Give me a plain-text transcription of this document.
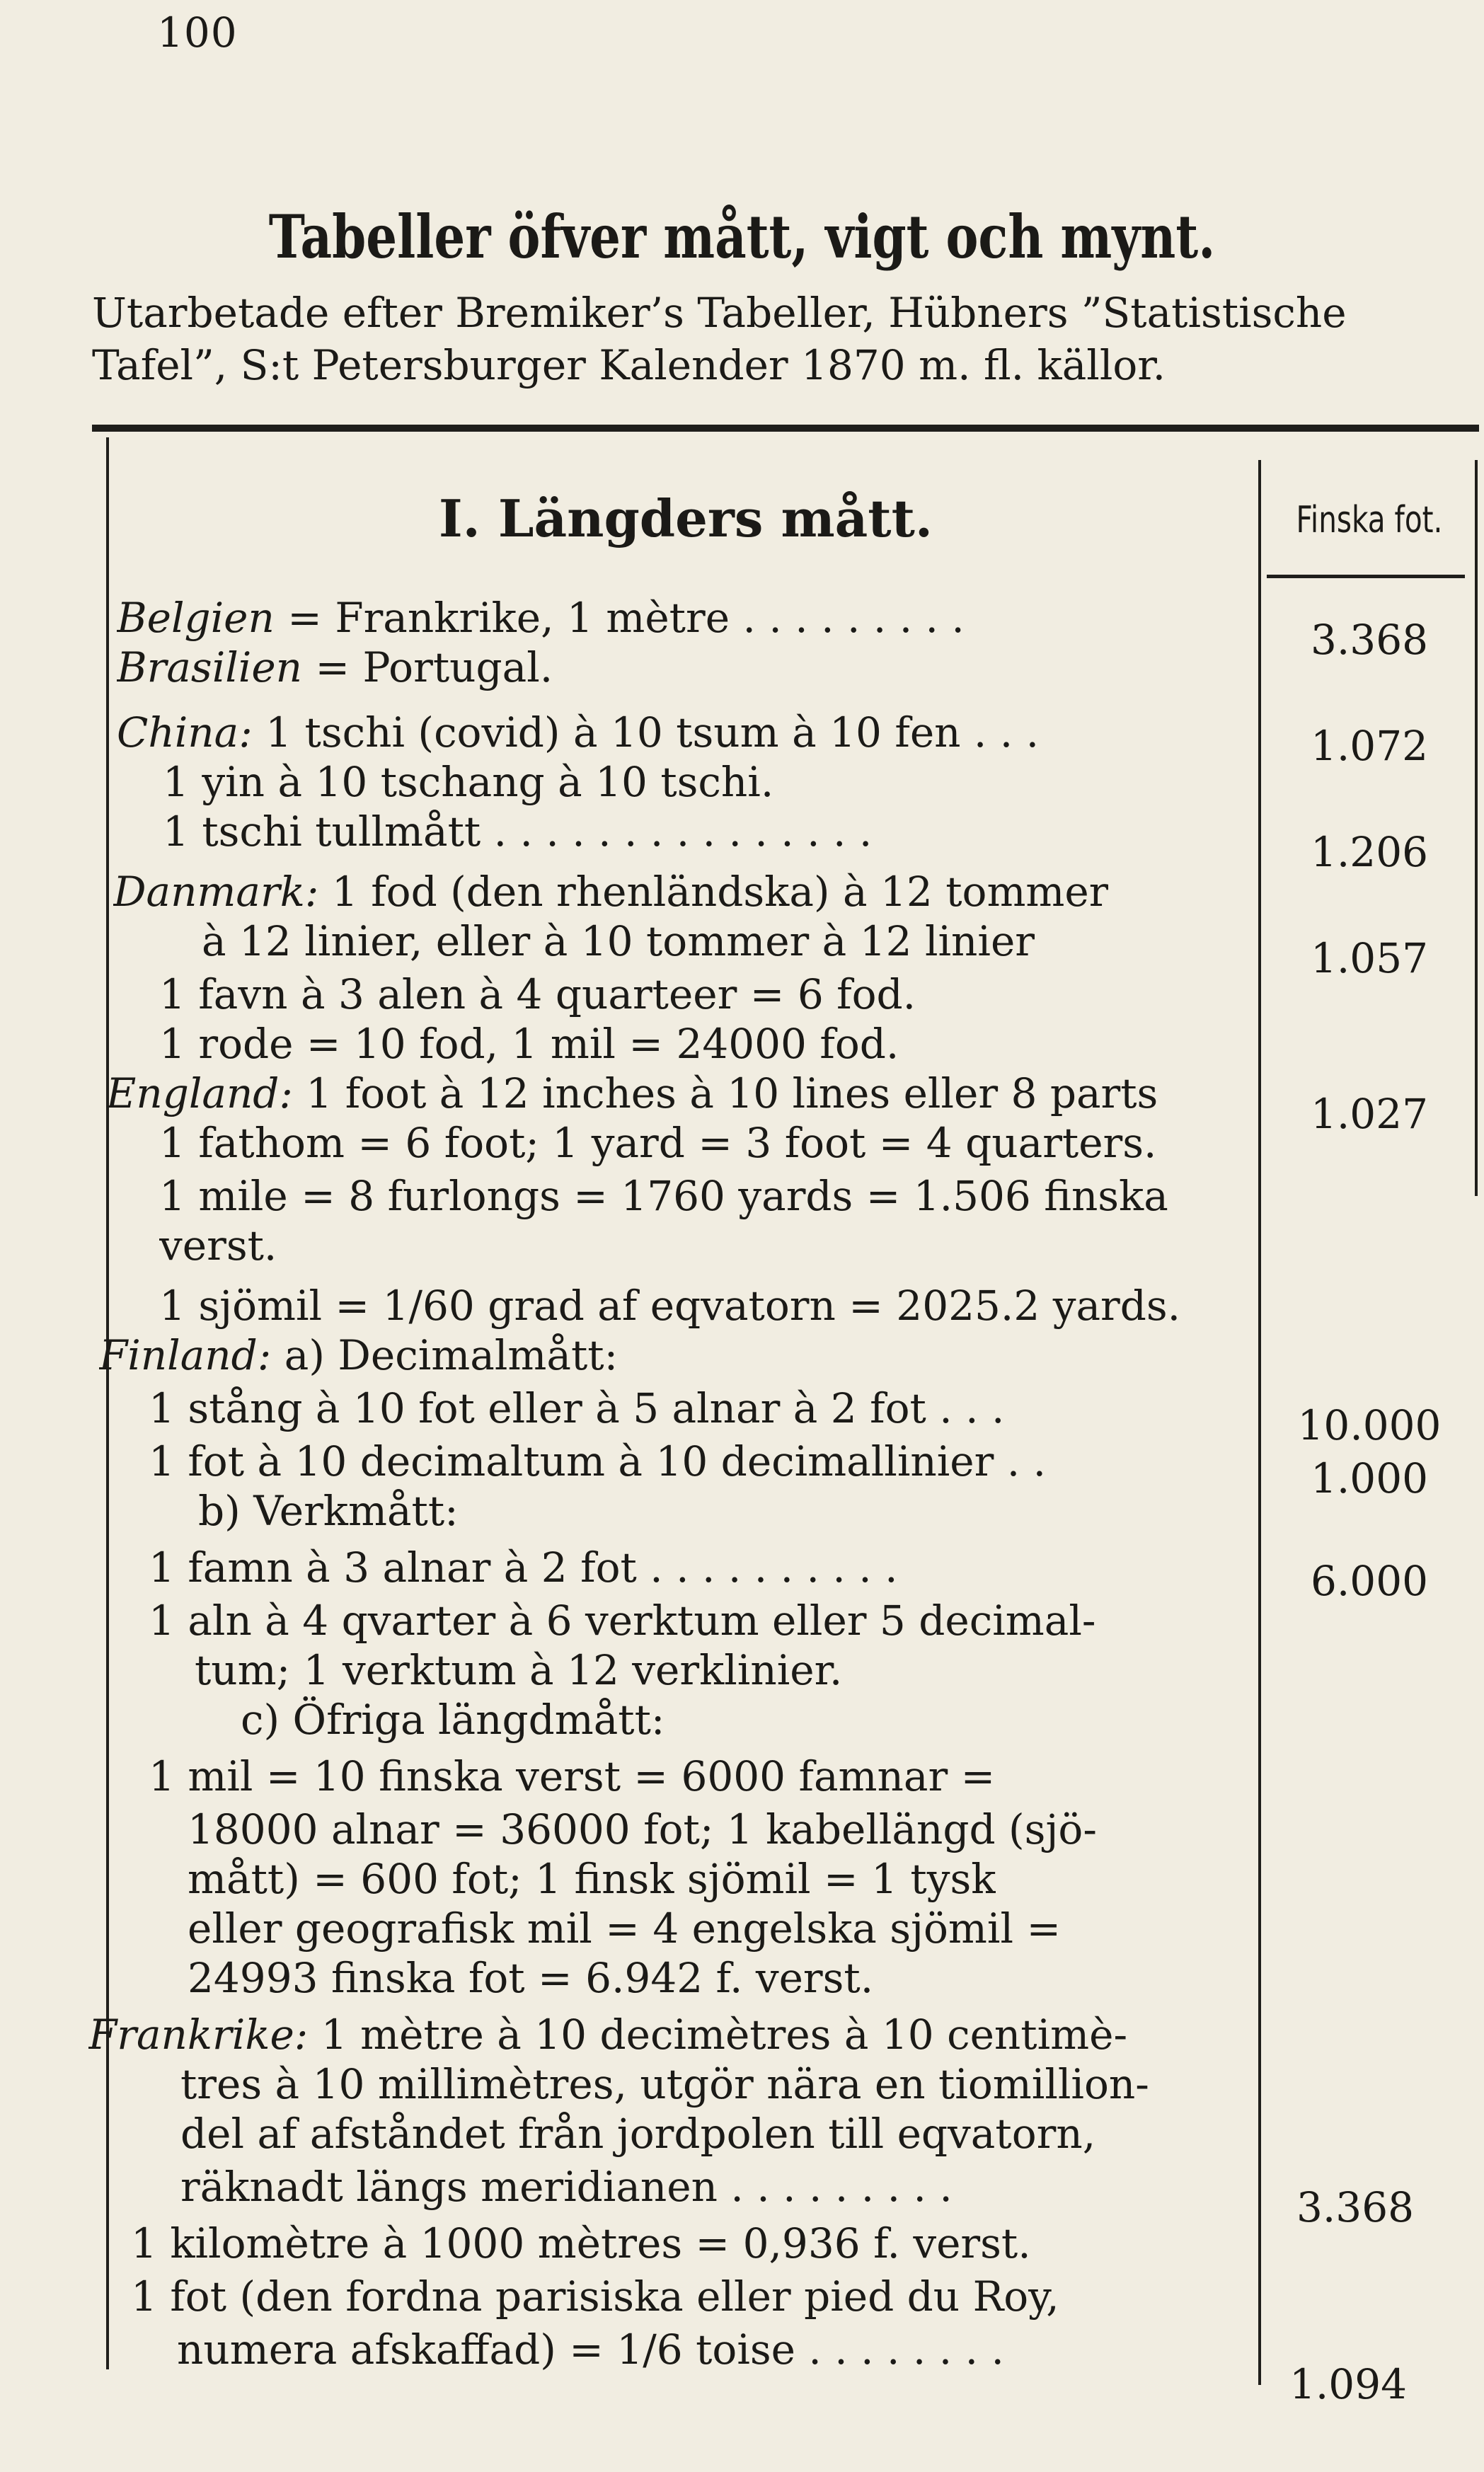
100
Tabeller öfver mått, vigt och mynt.
Utarbetade efter Bremiker’s Tabeller, Hübners ”Statistische
Tafel”, S:t Petersburger Kalender 1870 m. fl. källor.
I. Längders mått.	Finska fot.
Belgien = Frankrike, 1 mètre . . . . . . . . .
Brasilien = Portugal.
China: 1 tschi (covid) à 10 tsum à 10 fen . . .
1 yin à 10 tschang à 10 tschi.
1 tschi tullmått . . . . . . . . . . . . . . .
Danmark: 1 fod (den rhenländska) à 12 tommer
à 12 linier, eller à 10 tommer à 12 linier
1 favn à 3 alen à 4 quarteer = 6 fod.
1 rode = 10 fod, 1 mil = 24000 fod.
England: 1 foot à 12 inches à 10 lines eller 8 parts
1 fathom = 6 foot; 1 yard = 3 foot = 4 quarters.
1 mile = 8 furlongs = 1760 yards = 1.506 finska
verst.
1 sjömil = 1/60 grad af eqvatorn = 2025.2 yards.
Finland: a) Decimalmått:
1 stång à 10 fot eller à 5 alnar à 2 fot . . .
1 fot à 10 decimaltum à 10 decimallinier . .
b) Verkmått:
1 famn à 3 alnar à 2 fot . . . . . . . . . .
1 aln à 4 qvarter à 6 verktum eller 5 decimal-
tum; 1 verktum à 12 verklinier.
c) Öfriga längdmått:
1 mil = 10 finska verst = 6000 famnar =
18000 alnar = 36000 fot; 1 kabellängd (sjö-
mått) = 600 fot; 1 finsk sjömil = 1 tysk
eller geografisk mil = 4 engelska sjömil =
24993 finska fot = 6.942 f. verst.
Frankrike: 1 mètre à 10 decimètres à 10 centimè-
tres à 10 millimètres, utgör nära en tiomillion-
del af afståndet från jordpolen till eqvatorn,
räknadt längs meridianen . . . . . . . . .
1 kilomètre à 1000 mètres = 0,936 f. verst.
1 fot (den fordna parisiska eller pied du Roy,
numera afskaffad) = 1/6 toise . . . . . . . .
3.368
1.072
1.206
1.057
1.027
10.000
1.000
6.000
3.368
1.094
